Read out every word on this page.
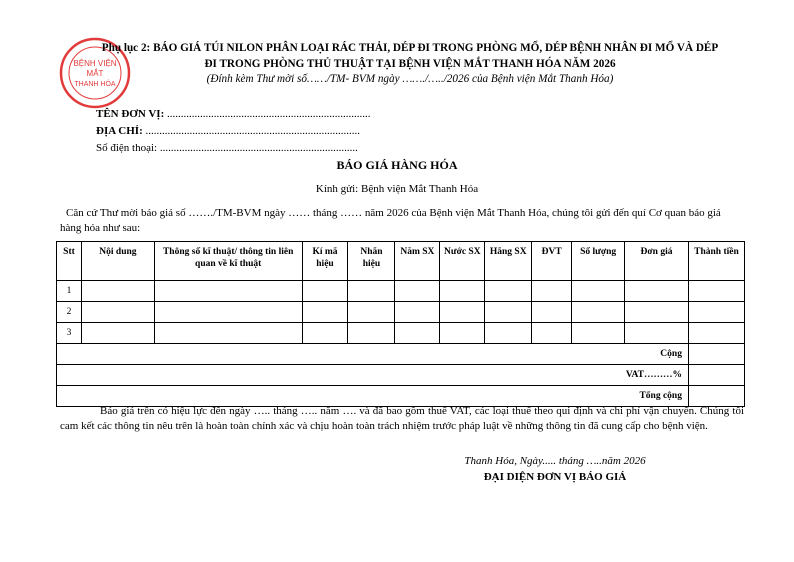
BỆNH VIỆN
MẮT
THANH HÓA
Phụ lục 2: BÁO GIÁ TÚI NILON PHÂN LOẠI RÁC THẢI, DÉP ĐI TRONG PHÒNG MỔ, DÉP BỆNH NHÂN ĐI MỔ VÀ DÉP
ĐI TRONG PHÒNG THỦ THUẬT TẠI BỆNH VIỆN MẮT THANH HÓA NĂM 2026
(Đính kèm Thư mời số……/TM- BVM ngày ……./…../2026 của Bệnh viện Mắt Thanh Hóa)
TÊN ĐƠN VỊ: ..........................................................................
ĐỊA CHỈ: ..............................................................................
Số điện thoại: ........................................................................
BÁO GIÁ HÀNG HÓA
Kính gửi: Bệnh viện Mắt Thanh Hóa
Căn cứ Thư mời báo giá số ……./TM-BVM ngày …… tháng …… năm 2026 của Bệnh viện Mắt Thanh Hóa, chúng tôi gửi đến quí Cơ quan báo giá hàng hóa như sau:
Stt	Nội dung	Thông số kĩ thuật/ thông tin liên quan về kĩ thuật	Kí mã hiệu	Nhãn hiệu	Năm SX	Nước SX	Hãng SX	ĐVT	Số lượng	Đơn giá	Thành tiền
1											
2											
3											
Cộng											
VAT………%											
Tổng cộng											
Báo giá trên có hiệu lực đến ngày ….. tháng ….. năm …. và đã bao gồm thuế VAT, các loại thuế theo qui định và chi phí vận chuyển. Chúng tôi cam kết các thông tin nêu trên là hoàn toàn chính xác và chịu hoàn toàn trách nhiệm trước pháp luật về những thông tin đã cung cấp cho bệnh viện.
Thanh Hóa, Ngày..... tháng …..năm 2026
ĐẠI DIỆN ĐƠN VỊ BÁO GIÁ
